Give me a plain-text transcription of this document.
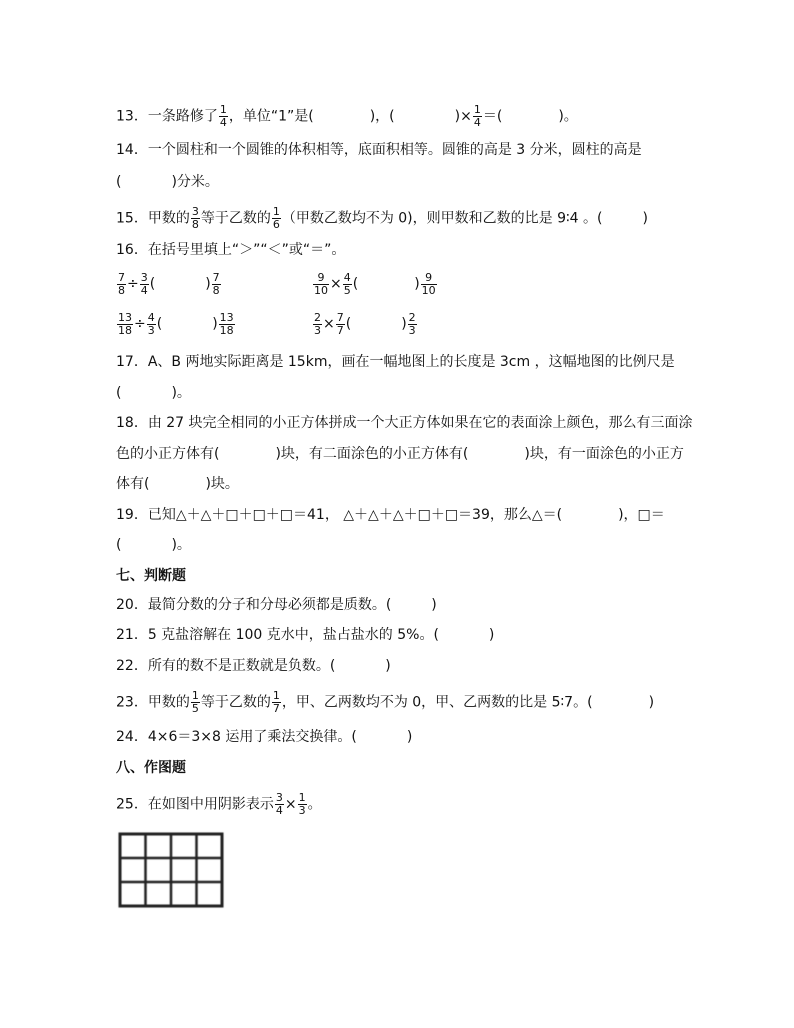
13．一条路修了 $\frac{1}{4}$ ，单位“1”是(	)，(	)× $\frac{1}{4}$ ＝(	)。
14．一个圆柱和一个圆锥的体积相等，底面积相等。圆锥的高是 3 分米，圆柱的高是
(	)分米。
15．甲数的 $\frac{3}{8}$ 等于乙数的 $\frac{1}{6}$ （甲数乙数均不为 0)，则甲数和乙数的比是 9∶4 。(	)
16．在括号里填上“＞”“＜”或“＝”。
$\frac{7}{8} \div \frac{3}{4}$ (	) $\frac{7}{8}$	$\frac{9}{10} \times \frac{4}{5}$ (	) $\frac{9}{10}$
$\frac{13}{18} \div \frac{4}{3}$ (	) $\frac{13}{18}$	$\frac{2}{3} \times \frac{7}{7}$ (	) $\frac{2}{3}$
17．A、B 两地实际距离是 15km，画在一幅地图上的长度是 3cm ，这幅地图的比例尺是
(	)。
18．由 27 块完全相同的小正方体拼成一个大正方体如果在它的表面涂上颜色，那么有三面涂
色的小正方体有(	)块，有二面涂色的小正方体有(	)块，有一面涂色的小正方
体有(	)块。
19．已知△＋△＋□＋□＋□＝41， △＋△＋△＋□＋□＝39，那么△＝(	)，□＝
(	)。
七、判断题
20．最简分数的分子和分母必须都是质数。(	)
21．5 克盐溶解在 100 克水中，盐占盐水的 5%。(	)
22．所有的数不是正数就是负数。(	)
23．甲数的 $\frac{1}{5}$ 等于乙数的 $\frac{1}{7}$ ，甲、乙两数均不为 0，甲、乙两数的比是 5∶7。(	)
24．4×6＝3×8 运用了乘法交换律。(	)
八、作图题
25．在如图中用阴影表示 $\frac{3}{4} \times \frac{1}{3}$ 。
